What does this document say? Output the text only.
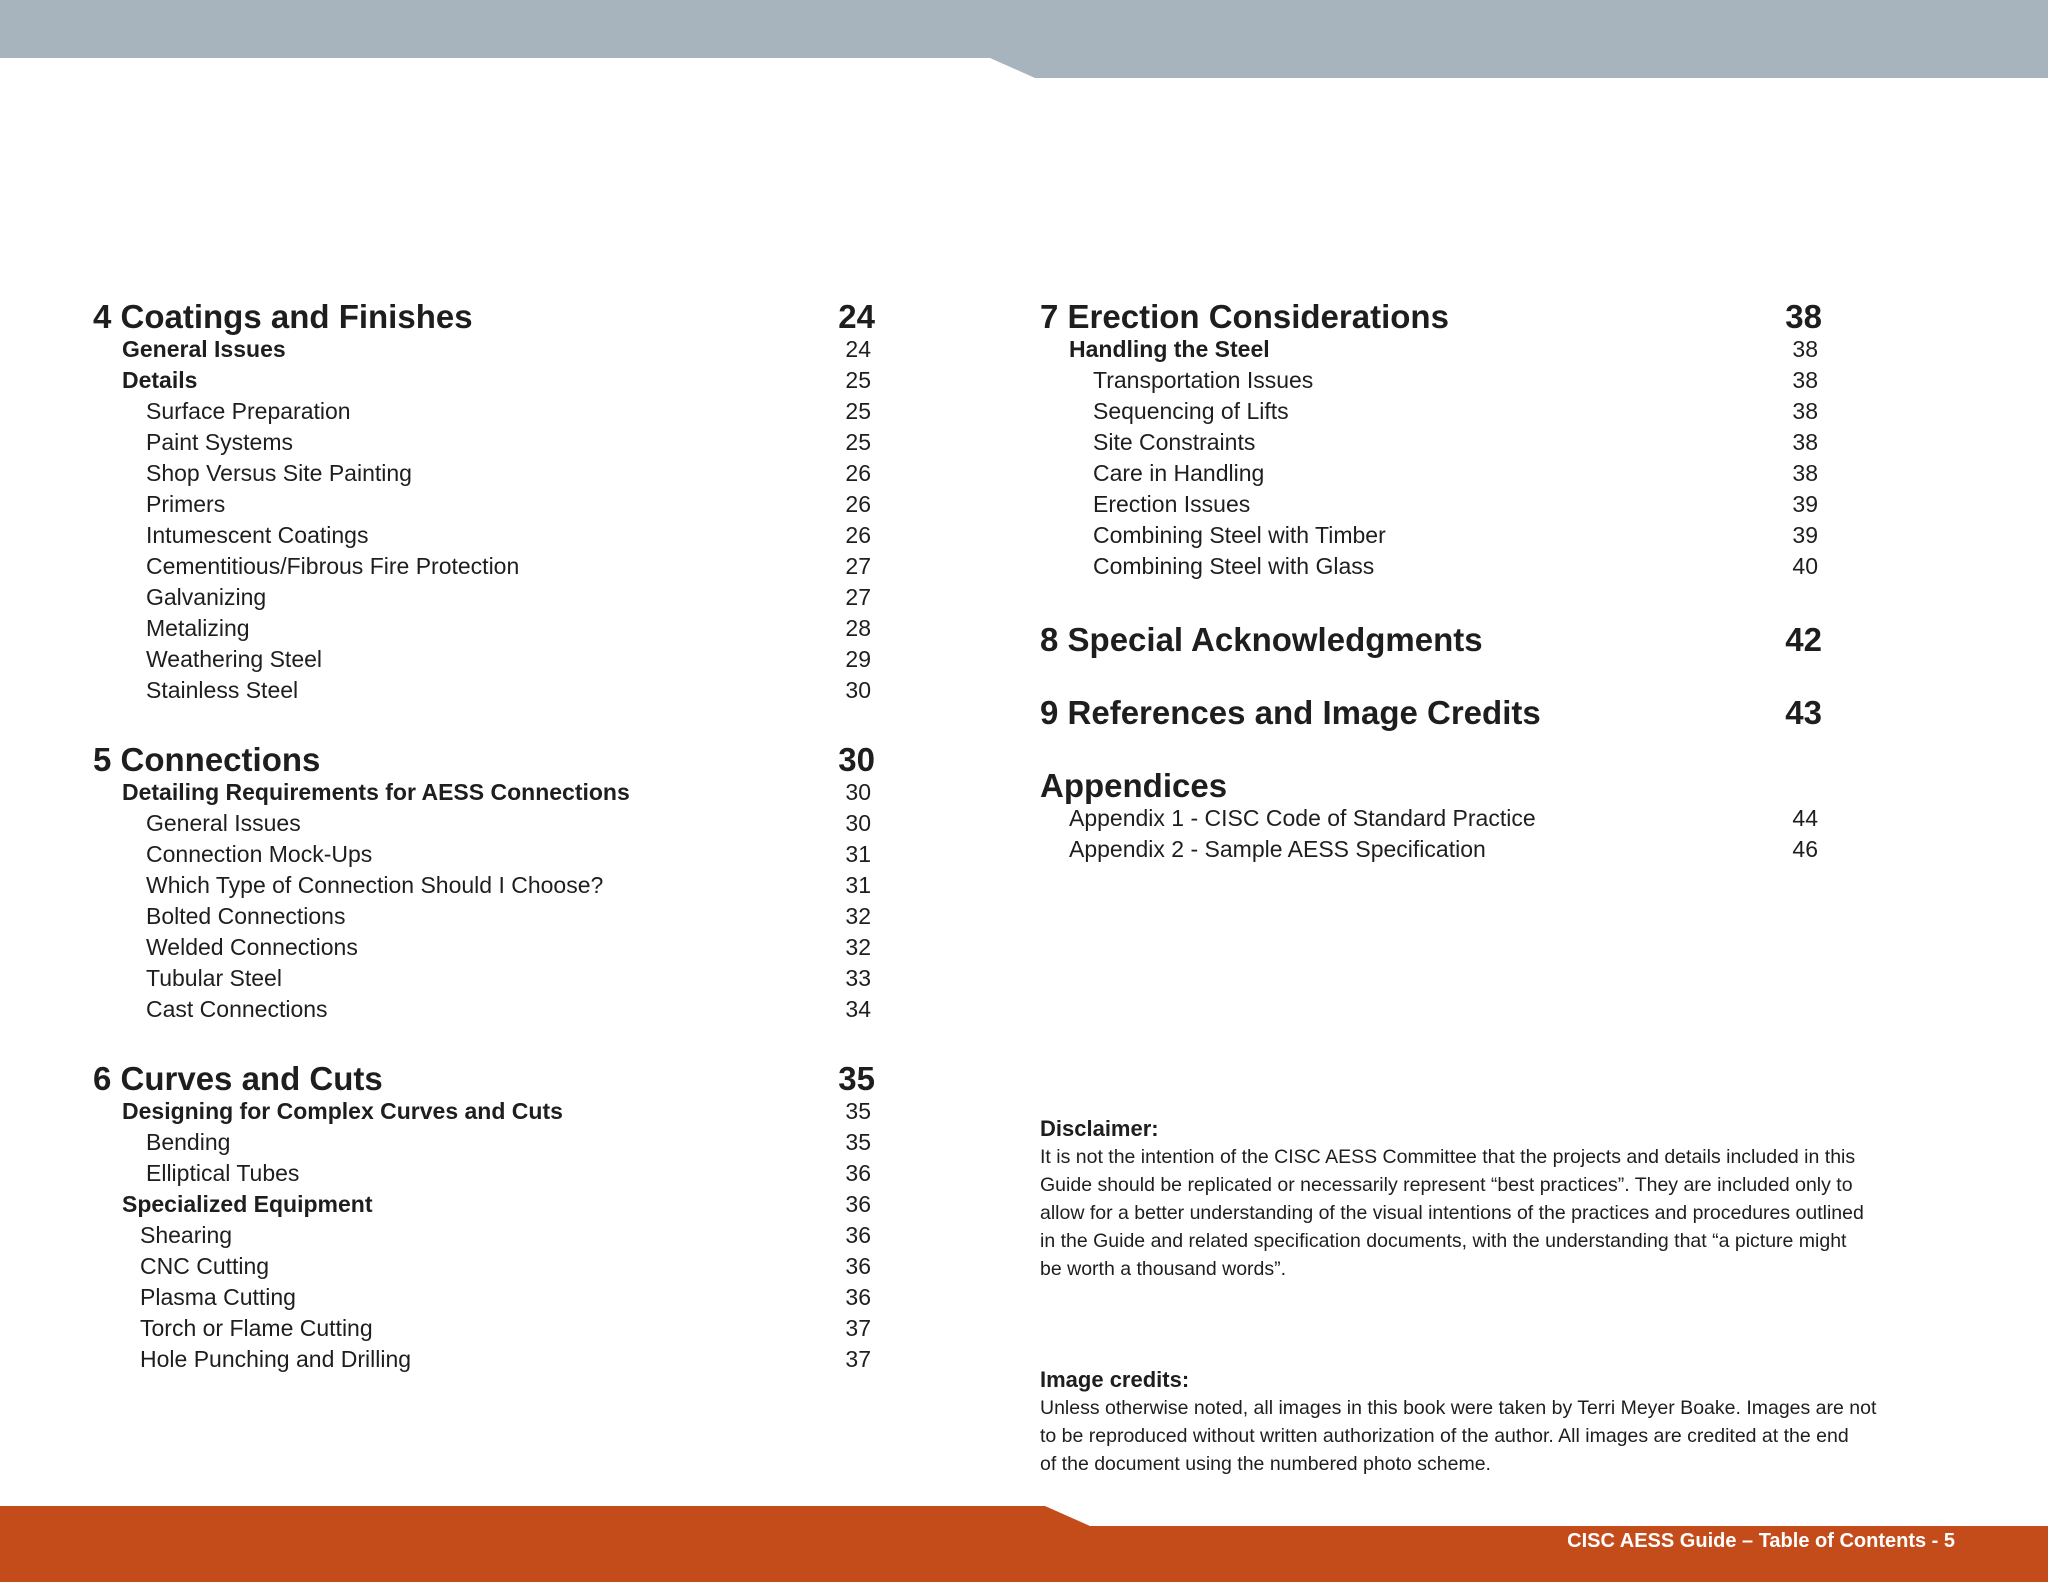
4 Coatings and Finishes	24
General Issues	24
Details	25
Surface Preparation	25
Paint Systems	25
Shop Versus Site Painting	26
Primers	26
Intumescent Coatings	26
Cementitious/Fibrous Fire Protection	27
Galvanizing	27
Metalizing	28
Weathering Steel	29
Stainless Steel	30
5 Connections	30
Detailing Requirements for AESS Connections	30
General Issues	30
Connection Mock-Ups	31
Which Type of Connection Should I Choose?	31
Bolted Connections	32
Welded Connections	32
Tubular Steel	33
Cast Connections	34
6 Curves and Cuts	35
Designing for Complex Curves and Cuts	35
Bending	35
Elliptical Tubes	36
Specialized Equipment	36
Shearing	36
CNC Cutting	36
Plasma Cutting	36
Torch or Flame Cutting	37
Hole Punching and Drilling	37
7 Erection Considerations	38
Handling the Steel	38
Transportation Issues	38
Sequencing of Lifts	38
Site Constraints	38
Care in Handling	38
Erection Issues	39
Combining Steel with Timber	39
Combining Steel with Glass	40
8 Special Acknowledgments	42
9 References and Image Credits	43
Appendices
Appendix 1 - CISC Code of Standard Practice	44
Appendix 2 - Sample AESS Specification	46
Disclaimer:
It is not the intention of the CISC AESS Committee that the projects and details included in this
Guide should be replicated or necessarily represent “best practices”. They are included only to
allow for a better understanding of the visual intentions of the practices and procedures outlined
in the Guide and related specification documents, with the understanding that “a picture might
be worth a thousand words”.
Image credits:
Unless otherwise noted, all images in this book were taken by Terri Meyer Boake. Images are not
to be reproduced without written authorization of the author. All images are credited at the end
of the document using the numbered photo scheme.
CISC AESS Guide – Table of Contents - 5
